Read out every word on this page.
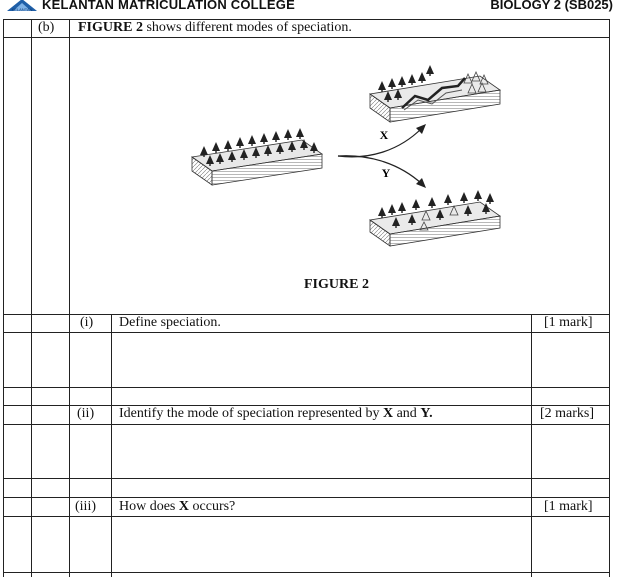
KELANTAN KELANTAN MATRICULATION COLLEGE	BIOLOGY 2 (SB025)
(b) FIGURE 2 shows different modes of speciation.
X
Y
FIGURE 2
(i) Define speciation.	[1 mark]
(ii) Identify the mode of speciation represented by X and Y.	[2 marks]
(iii) How does X occurs?	[1 mark]
